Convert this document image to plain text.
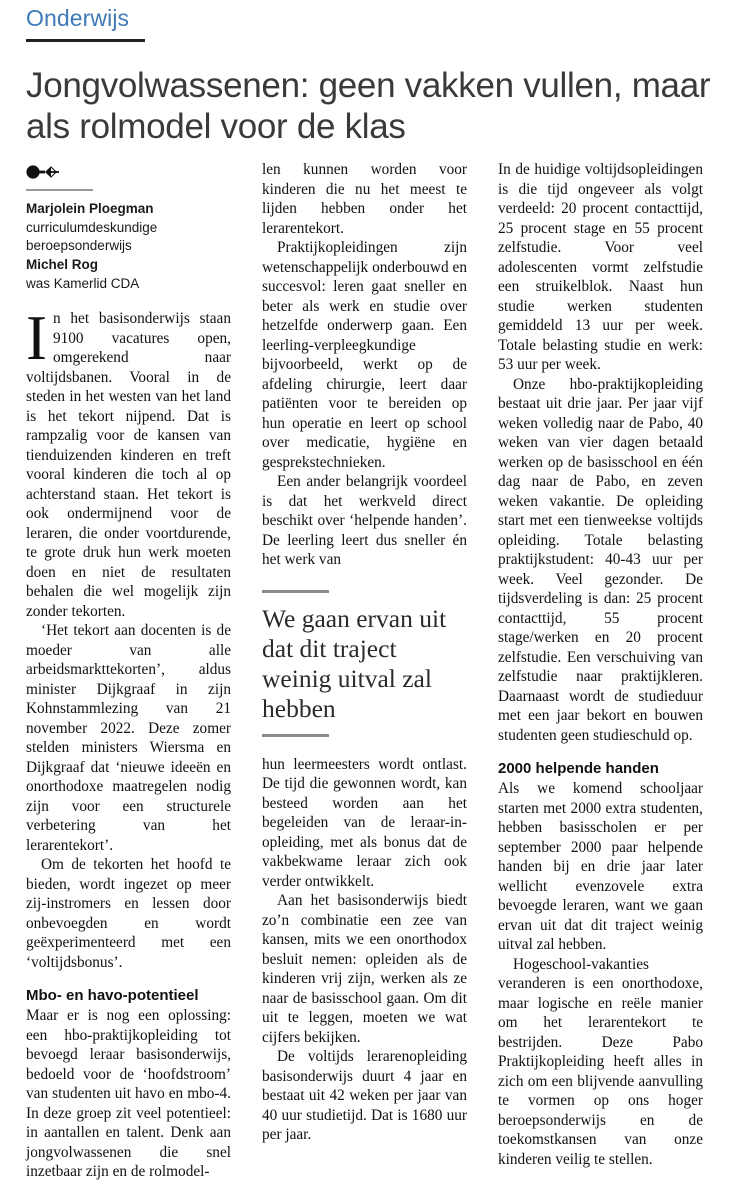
Onderwijs
Jongvolwassenen: geen vakken vullen, maar als rolmodel voor de klas
Marjolein Ploegman
curriculumdeskundige
beroepsonderwijs
Michel Rog
was Kamerlid CDA

In het basisonderwijs staan 9100 vacatures open, omgerekend naar voltijdsbanen. Vooral in de steden in het westen van het land is het tekort nijpend. Dat is rampzalig voor de kansen van tienduizenden kinderen en treft vooral kinderen die toch al op achterstand staan. Het tekort is ook ondermijnend voor de leraren, die onder voortdurende, te grote druk hun werk moeten doen en niet de resultaten behalen die wel mogelijk zijn zonder tekorten.

‘Het tekort aan docenten is de moeder van alle arbeidsmarkttekorten’, aldus minister Dijkgraaf in zijn Kohnstammlezing van 21 november 2022. Deze zomer stelden ministers Wiersma en Dijkgraaf dat ‘nieuwe ideeën en onorthodoxe maatregelen nodig zijn voor een structurele verbetering van het lerarentekort’.

Om de tekorten het hoofd te bieden, wordt ingezet op meer zij-instromers en lessen door onbevoegden en wordt geëxperimenteerd met een ‘voltijdsbonus’.

Mbo- en havo-potentieel

Maar er is nog een oplossing: een hbo-praktijkopleiding tot bevoegd leraar basisonderwijs, bedoeld voor de ‘hoofdstroom’ van studenten uit havo en mbo-4. In deze groep zit veel potentieel: in aantallen en talent. Denk aan jongvolwassenen die snel inzetbaar zijn en de rolmodel-

len kunnen worden voor kinderen die nu het meest te lijden hebben onder het lerarentekort.

Praktijkopleidingen zijn wetenschappelijk onderbouwd en succesvol: leren gaat sneller en beter als werk en studie over hetzelfde onderwerp gaan. Een leerling-verpleegkundige bijvoorbeeld, werkt op de afdeling chirurgie, leert daar patiënten voor te bereiden op hun operatie en leert op school over medicatie, hygiëne en gesprekstechnieken.

Een ander belangrijk voordeel is dat het werkveld direct beschikt over ‘helpende handen’. De leerling leert dus sneller én het werk van

We gaan ervan uit dat dit traject weinig uitval zal hebben

hun leermeesters wordt ontlast. De tijd die gewonnen wordt, kan besteed worden aan het begeleiden van de leraar-in-opleiding, met als bonus dat de vakbekwame leraar zich ook verder ontwikkelt.

Aan het basisonderwijs biedt zo’n combinatie een zee van kansen, mits we een onorthodox besluit nemen: opleiden als de kinderen vrij zijn, werken als ze naar de basisschool gaan. Om dit uit te leggen, moeten we wat cijfers bekijken.

De voltijds lerarenopleiding basisonderwijs duurt 4 jaar en bestaat uit 42 weken per jaar van 40 uur studietijd. Dat is 1680 uur per jaar.

In de huidige voltijdsopleidingen is die tijd ongeveer als volgt verdeeld: 20 procent contacttijd, 25 procent stage en 55 procent zelfstudie. Voor veel adolescenten vormt zelfstudie een struikelblok. Naast hun studie werken studenten gemiddeld 13 uur per week. Totale belasting studie en werk: 53 uur per week.

Onze hbo-praktijkopleiding bestaat uit drie jaar. Per jaar vijf weken volledig naar de Pabo, 40 weken van vier dagen betaald werken op de basisschool en één dag naar de Pabo, en zeven weken vakantie. De opleiding start met een tienweekse voltijds opleiding. Totale belasting praktijkstudent: 40-43 uur per week. Veel gezonder. De tijdsverdeling is dan: 25 procent contacttijd, 55 procent stage/werken en 20 procent zelfstudie. Een verschuiving van zelfstudie naar praktijkleren. Daarnaast wordt de studieduur met een jaar bekort en bouwen studenten geen studieschuld op.

2000 helpende handen

Als we komend schooljaar starten met 2000 extra studenten, hebben basisscholen er per september 2000 paar helpende handen bij en drie jaar later wellicht evenzovele extra bevoegde leraren, want we gaan ervan uit dat dit traject weinig uitval zal hebben.

Hogeschool-vakanties veranderen is een onorthodoxe, maar logische en reële manier om het lerarentekort te bestrijden. Deze Pabo Praktijkopleiding heeft alles in zich om een blijvende aanvulling te vormen op ons hoger beroepsonderwijs en de toekomstkansen van onze kinderen veilig te stellen.
